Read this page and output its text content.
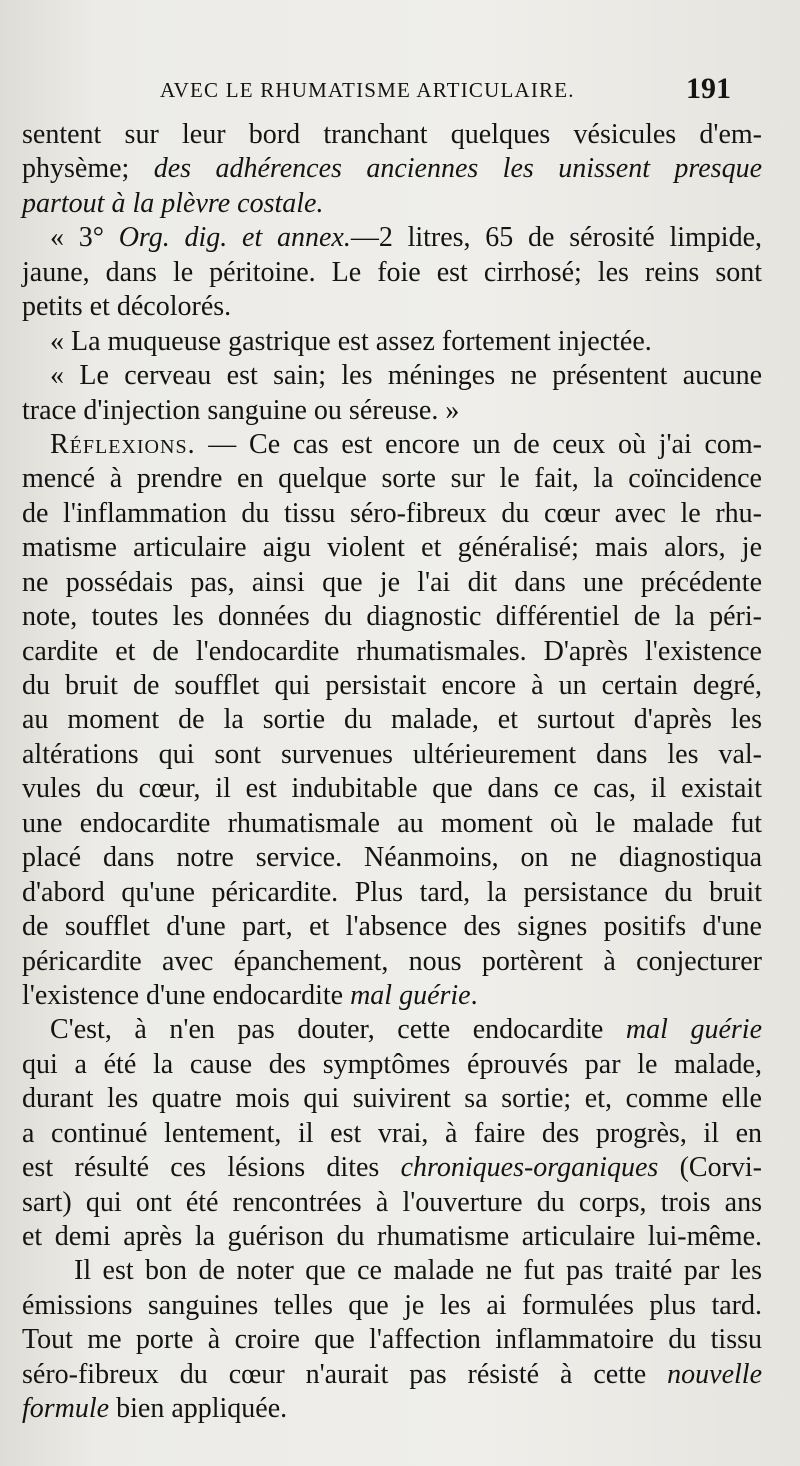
AVEC LE RHUMATISME ARTICULAIRE.	191
sentent sur leur bord tranchant quelques vésicules d'em-
physème; des adhérences anciennes les unissent presque
partout à la plèvre costale.
« 3° Org. dig. et annex.—2 litres, 65 de sérosité limpide,
jaune, dans le péritoine. Le foie est cirrhosé; les reins sont
petits et décolorés.
« La muqueuse gastrique est assez fortement injectée.
« Le cerveau est sain; les méninges ne présentent aucune
trace d'injection sanguine ou séreuse. »
Réflexions. — Ce cas est encore un de ceux où j'ai com-
mencé à prendre en quelque sorte sur le fait, la coïncidence
de l'inflammation du tissu séro-fibreux du cœur avec le rhu-
matisme articulaire aigu violent et généralisé; mais alors, je
ne possédais pas, ainsi que je l'ai dit dans une précédente
note, toutes les données du diagnostic différentiel de la péri-
cardite et de l'endocardite rhumatismales. D'après l'existence
du bruit de soufflet qui persistait encore à un certain degré,
au moment de la sortie du malade, et surtout d'après les
altérations qui sont survenues ultérieurement dans les val-
vules du cœur, il est indubitable que dans ce cas, il existait
une endocardite rhumatismale au moment où le malade fut
placé dans notre service. Néanmoins, on ne diagnostiqua
d'abord qu'une péricardite. Plus tard, la persistance du bruit
de soufflet d'une part, et l'absence des signes positifs d'une
péricardite avec épanchement, nous portèrent à conjecturer
l'existence d'une endocardite mal guérie.
C'est, à n'en pas douter, cette endocardite mal guérie
qui a été la cause des symptômes éprouvés par le malade,
durant les quatre mois qui suivirent sa sortie; et, comme elle
a continué lentement, il est vrai, à faire des progrès, il en
est résulté ces lésions dites chroniques-organiques (Corvi-
sart) qui ont été rencontrées à l'ouverture du corps, trois ans
et demi après la guérison du rhumatisme articulaire lui-même.
Il est bon de noter que ce malade ne fut pas traité par les
émissions sanguines telles que je les ai formulées plus tard.
Tout me porte à croire que l'affection inflammatoire du tissu
séro-fibreux du cœur n'aurait pas résisté à cette nouvelle
formule bien appliquée.
